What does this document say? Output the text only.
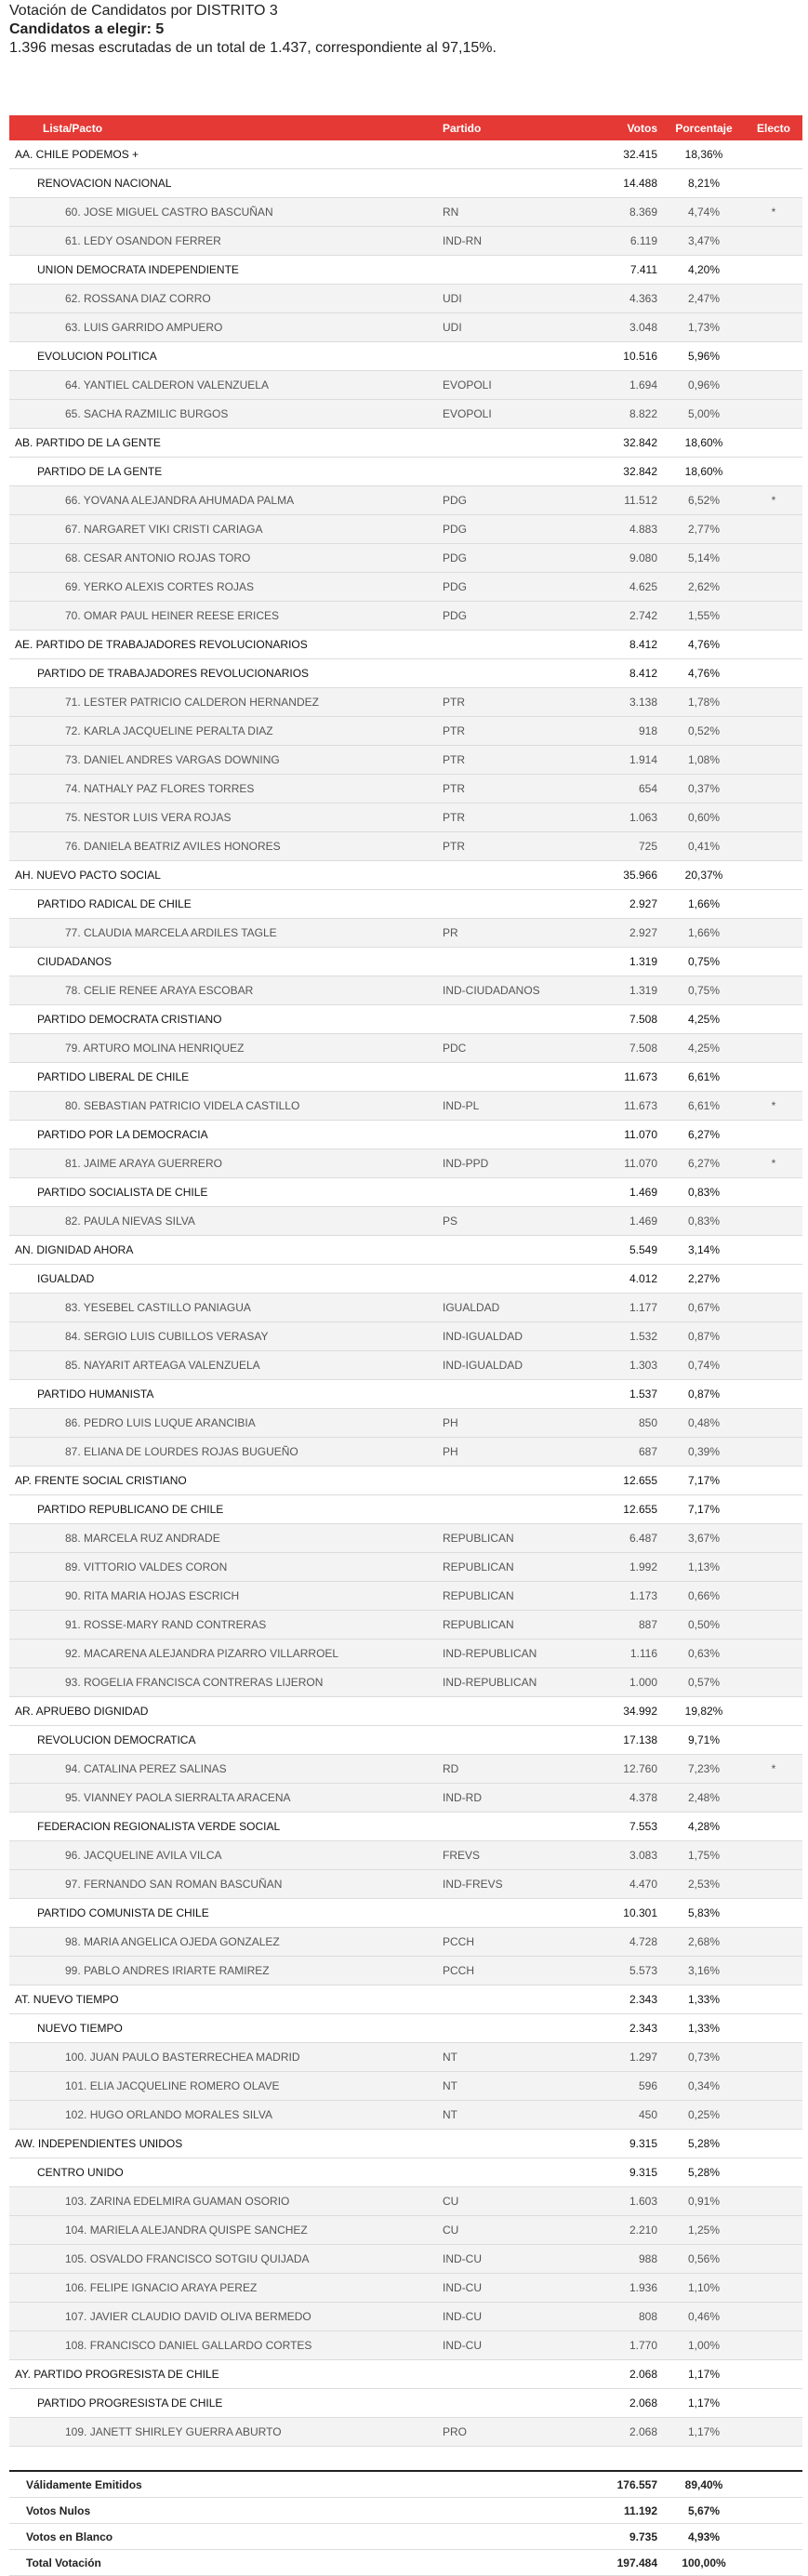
Votación de Candidatos por DISTRITO 3
Candidatos a elegir: 5
1.396 mesas escrutadas de un total de 1.437, correspondiente al 97,15%.
Lista/Pacto	Partido	Votos	Porcentaje	Electo
AA. CHILE PODEMOS +		32.415	18,36%	
RENOVACION NACIONAL		14.488	8,21%	
60. JOSE MIGUEL CASTRO BASCUÑAN	RN	8.369	4,74%	*
61. LEDY OSANDON FERRER	IND-RN	6.119	3,47%	
UNION DEMOCRATA INDEPENDIENTE		7.411	4,20%	
62. ROSSANA DIAZ CORRO	UDI	4.363	2,47%	
63. LUIS GARRIDO AMPUERO	UDI	3.048	1,73%	
EVOLUCION POLITICA		10.516	5,96%	
64. YANTIEL CALDERON VALENZUELA	EVOPOLI	1.694	0,96%	
65. SACHA RAZMILIC BURGOS	EVOPOLI	8.822	5,00%	
AB. PARTIDO DE LA GENTE		32.842	18,60%	
PARTIDO DE LA GENTE		32.842	18,60%	
66. YOVANA ALEJANDRA AHUMADA PALMA	PDG	11.512	6,52%	*
67. NARGARET VIKI CRISTI CARIAGA	PDG	4.883	2,77%	
68. CESAR ANTONIO ROJAS TORO	PDG	9.080	5,14%	
69. YERKO ALEXIS CORTES ROJAS	PDG	4.625	2,62%	
70. OMAR PAUL HEINER REESE ERICES	PDG	2.742	1,55%	
AE. PARTIDO DE TRABAJADORES REVOLUCIONARIOS		8.412	4,76%	
PARTIDO DE TRABAJADORES REVOLUCIONARIOS		8.412	4,76%	
71. LESTER PATRICIO CALDERON HERNANDEZ	PTR	3.138	1,78%	
72. KARLA JACQUELINE PERALTA DIAZ	PTR	918	0,52%	
73. DANIEL ANDRES VARGAS DOWNING	PTR	1.914	1,08%	
74. NATHALY PAZ FLORES TORRES	PTR	654	0,37%	
75. NESTOR LUIS VERA ROJAS	PTR	1.063	0,60%	
76. DANIELA BEATRIZ AVILES HONORES	PTR	725	0,41%	
AH. NUEVO PACTO SOCIAL		35.966	20,37%	
PARTIDO RADICAL DE CHILE		2.927	1,66%	
77. CLAUDIA MARCELA ARDILES TAGLE	PR	2.927	1,66%	
CIUDADANOS		1.319	0,75%	
78. CELIE RENEE ARAYA ESCOBAR	IND-CIUDADANOS	1.319	0,75%	
PARTIDO DEMOCRATA CRISTIANO		7.508	4,25%	
79. ARTURO MOLINA HENRIQUEZ	PDC	7.508	4,25%	
PARTIDO LIBERAL DE CHILE		11.673	6,61%	
80. SEBASTIAN PATRICIO VIDELA CASTILLO	IND-PL	11.673	6,61%	*
PARTIDO POR LA DEMOCRACIA		11.070	6,27%	
81. JAIME ARAYA GUERRERO	IND-PPD	11.070	6,27%	*
PARTIDO SOCIALISTA DE CHILE		1.469	0,83%	
82. PAULA NIEVAS SILVA	PS	1.469	0,83%	
AN. DIGNIDAD AHORA		5.549	3,14%	
IGUALDAD		4.012	2,27%	
83. YESEBEL CASTILLO PANIAGUA	IGUALDAD	1.177	0,67%	
84. SERGIO LUIS CUBILLOS VERASAY	IND-IGUALDAD	1.532	0,87%	
85. NAYARIT ARTEAGA VALENZUELA	IND-IGUALDAD	1.303	0,74%	
PARTIDO HUMANISTA		1.537	0,87%	
86. PEDRO LUIS LUQUE ARANCIBIA	PH	850	0,48%	
87. ELIANA DE LOURDES ROJAS BUGUEÑO	PH	687	0,39%	
AP. FRENTE SOCIAL CRISTIANO		12.655	7,17%	
PARTIDO REPUBLICANO DE CHILE		12.655	7,17%	
88. MARCELA RUZ ANDRADE	REPUBLICAN	6.487	3,67%	
89. VITTORIO VALDES CORON	REPUBLICAN	1.992	1,13%	
90. RITA MARIA HOJAS ESCRICH	REPUBLICAN	1.173	0,66%	
91. ROSSE-MARY RAND CONTRERAS	REPUBLICAN	887	0,50%	
92. MACARENA ALEJANDRA PIZARRO VILLARROEL	IND-REPUBLICAN	1.116	0,63%	
93. ROGELIA FRANCISCA CONTRERAS LIJERON	IND-REPUBLICAN	1.000	0,57%	
AR. APRUEBO DIGNIDAD		34.992	19,82%	
REVOLUCION DEMOCRATICA		17.138	9,71%	
94. CATALINA PEREZ SALINAS	RD	12.760	7,23%	*
95. VIANNEY PAOLA SIERRALTA ARACENA	IND-RD	4.378	2,48%	
FEDERACION REGIONALISTA VERDE SOCIAL		7.553	4,28%	
96. JACQUELINE AVILA VILCA	FREVS	3.083	1,75%	
97. FERNANDO SAN ROMAN BASCUÑAN	IND-FREVS	4.470	2,53%	
PARTIDO COMUNISTA DE CHILE		10.301	5,83%	
98. MARIA ANGELICA OJEDA GONZALEZ	PCCH	4.728	2,68%	
99. PABLO ANDRES IRIARTE RAMIREZ	PCCH	5.573	3,16%	
AT. NUEVO TIEMPO		2.343	1,33%	
NUEVO TIEMPO		2.343	1,33%	
100. JUAN PAULO BASTERRECHEA MADRID	NT	1.297	0,73%	
101. ELIA JACQUELINE ROMERO OLAVE	NT	596	0,34%	
102. HUGO ORLANDO MORALES SILVA	NT	450	0,25%	
AW. INDEPENDIENTES UNIDOS		9.315	5,28%	
CENTRO UNIDO		9.315	5,28%	
103. ZARINA EDELMIRA GUAMAN OSORIO	CU	1.603	0,91%	
104. MARIELA ALEJANDRA QUISPE SANCHEZ	CU	2.210	1,25%	
105. OSVALDO FRANCISCO SOTGIU QUIJADA	IND-CU	988	0,56%	
106. FELIPE IGNACIO ARAYA PEREZ	IND-CU	1.936	1,10%	
107. JAVIER CLAUDIO DAVID OLIVA BERMEDO	IND-CU	808	0,46%	
108. FRANCISCO DANIEL GALLARDO CORTES	IND-CU	1.770	1,00%	
AY. PARTIDO PROGRESISTA DE CHILE		2.068	1,17%	
PARTIDO PROGRESISTA DE CHILE		2.068	1,17%	
109. JANETT SHIRLEY GUERRA ABURTO	PRO	2.068	1,17%	
Válidamente Emitidos	176.557	89,40%	
Votos Nulos	11.192	5,67%	
Votos en Blanco	9.735	4,93%	
Total Votación	197.484	100,00%	
